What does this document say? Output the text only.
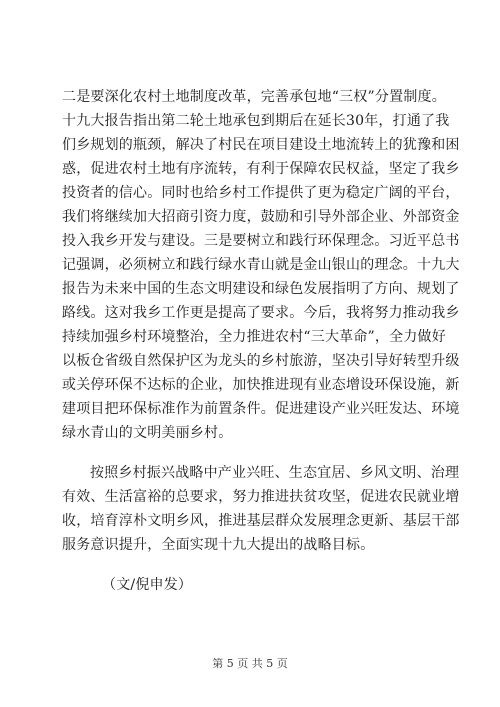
二是要深化农村土地制度改革，完善承包地“三权”分置制度。
十九大报告指出第二轮土地承包到期后在延长30年，打通了我
们乡规划的瓶颈，解决了村民在项目建设土地流转上的犹豫和困
惑，促进农村土地有序流转，有利于保障农民权益，坚定了我乡
投资者的信心。同时也给乡村工作提供了更为稳定广阔的平台，
我们将继续加大招商引资力度，鼓励和引导外部企业、外部资金
投入我乡开发与建设。三是要树立和践行环保理念。习近平总书
记强调，必须树立和践行绿水青山就是金山银山的理念。十九大
报告为未来中国的生态文明建设和绿色发展指明了方向、规划了
路线。这对我乡工作更是提高了要求。今后，我将努力推动我乡
持续加强乡村环境整治，全力推进农村“三大革命”，全力做好
以板仓省级自然保护区为龙头的乡村旅游，坚决引导好转型升级
或关停环保不达标的企业，加快推进现有业态增设环保设施，新
建项目把环保标准作为前置条件。促进建设产业兴旺发达、环境
绿水青山的文明美丽乡村。
按照乡村振兴战略中产业兴旺、生态宜居、乡风文明、治理
有效、生活富裕的总要求，努力推进扶贫攻坚，促进农民就业增
收，培育淳朴文明乡风，推进基层群众发展理念更新、基层干部
服务意识提升，全面实现十九大提出的战略目标。
（文/倪申发）
第 5 页 共 5 页
